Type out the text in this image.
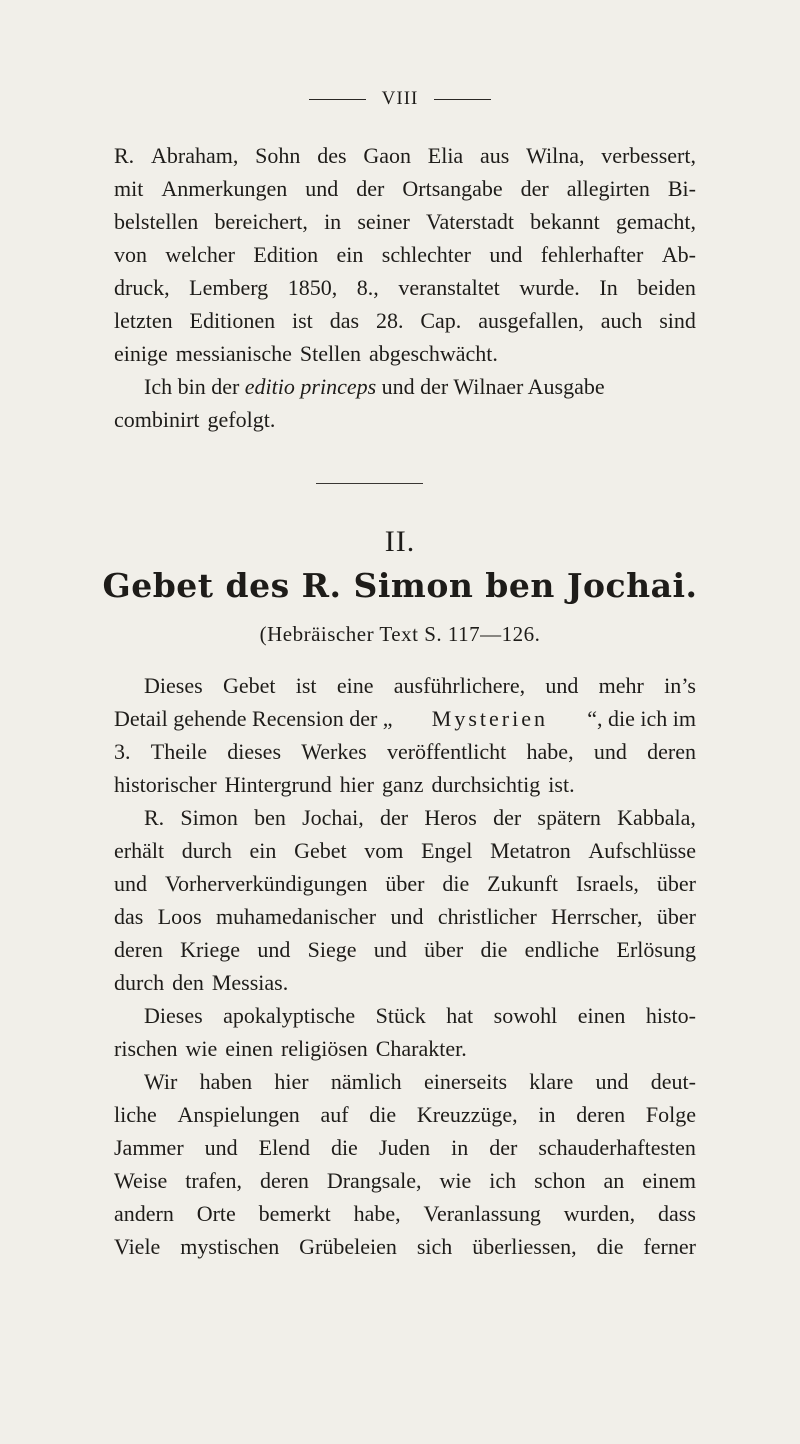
VIII
R. Abraham, Sohn des Gaon Elia aus Wilna, verbessert,
mit Anmerkungen und der Ortsangabe der allegirten Bi-
belstellen bereichert, in seiner Vaterstadt bekannt gemacht,
von welcher Edition ein schlechter und fehlerhafter Ab-
druck, Lemberg 1850, 8., veranstaltet wurde. In beiden
letzten Editionen ist das 28. Cap. ausgefallen, auch sind
einige messianische Stellen abgeschwächt.
Ich bin der editio princeps und der Wilnaer Ausgabe
combinirt gefolgt.
II.
Gebet des R. Simon ben Jochai.
(Hebräischer Text S. 117—126.
Dieses Gebet ist eine ausführlichere, und mehr in’s
Detail gehende Recension der „ Mysterien “, die ich im
3. Theile dieses Werkes veröffentlicht habe, und deren
historischer Hintergrund hier ganz durchsichtig ist.
R. Simon ben Jochai, der Heros der spätern Kabbala,
erhält durch ein Gebet vom Engel Metatron Aufschlüsse
und Vorherverkündigungen über die Zukunft Israels, über
das Loos muhamedanischer und christlicher Herrscher, über
deren Kriege und Siege und über die endliche Erlösung
durch den Messias.
Dieses apokalyptische Stück hat sowohl einen histo-
rischen wie einen religiösen Charakter.
Wir haben hier nämlich einerseits klare und deut-
liche Anspielungen auf die Kreuzzüge, in deren Folge
Jammer und Elend die Juden in der schauderhaftesten
Weise trafen, deren Drangsale, wie ich schon an einem
andern Orte bemerkt habe, Veranlassung wurden, dass
Viele mystischen Grübeleien sich überliessen, die ferner
